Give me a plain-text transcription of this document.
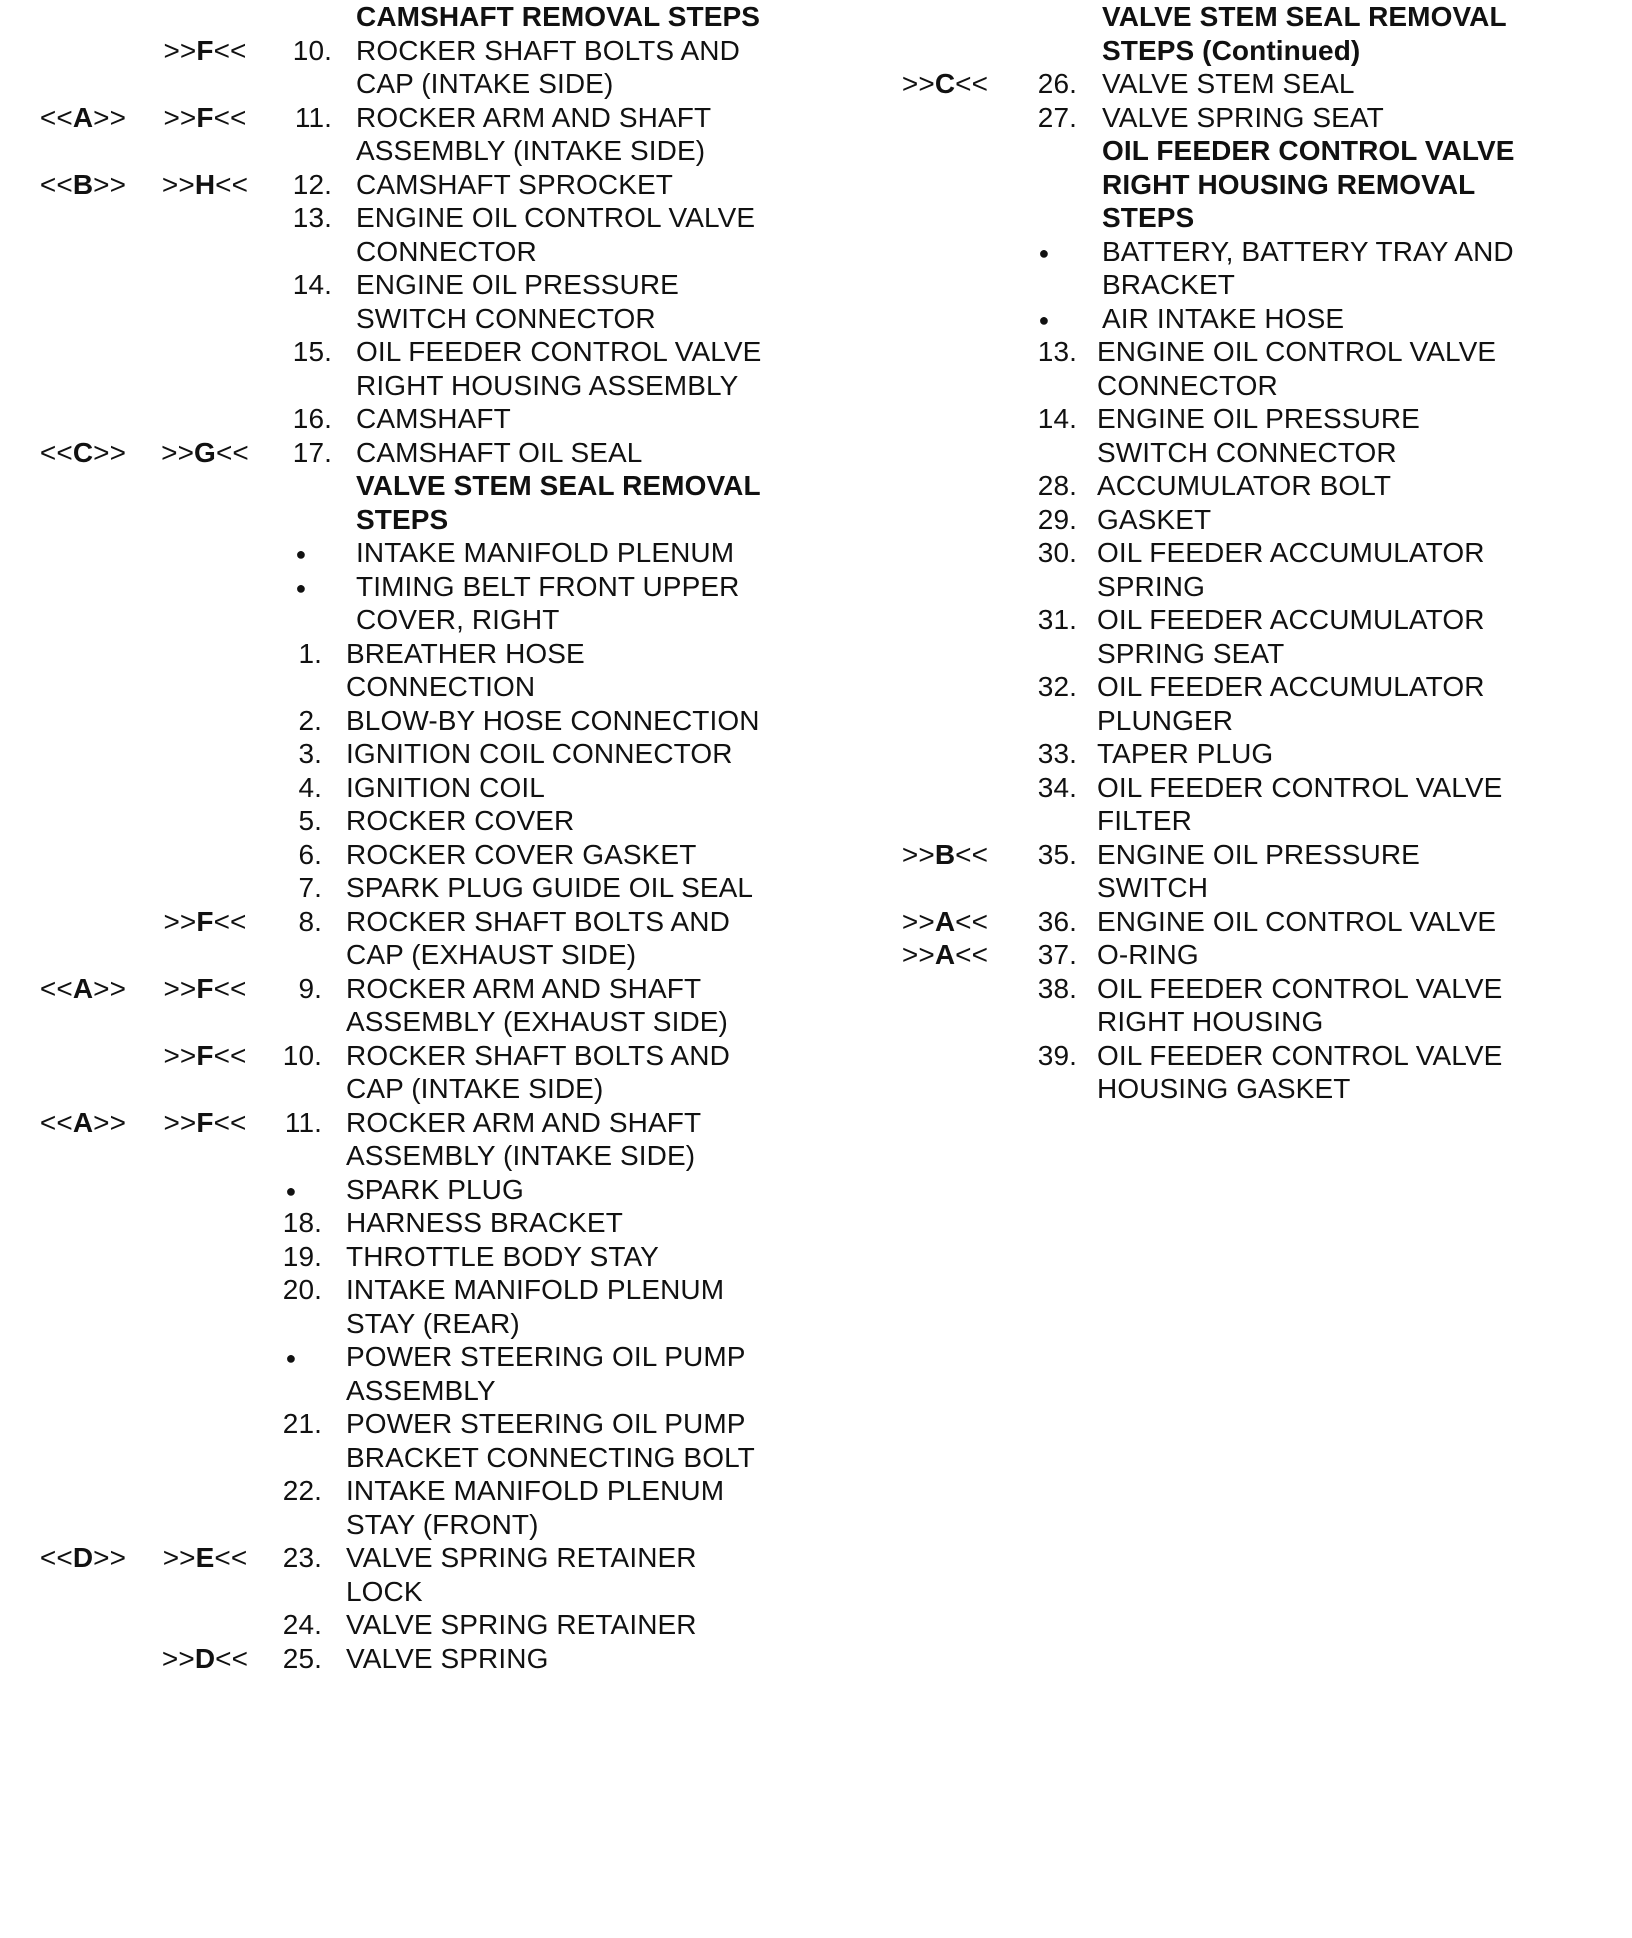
CAMSHAFT REMOVAL STEPS
>>F<<	10. ROCKER SHAFT BOLTS AND
CAP (INTAKE SIDE)
<<A>>	>>F<<	11. ROCKER ARM AND SHAFT
ASSEMBLY (INTAKE SIDE)
<<B>>	>>H<<	12. CAMSHAFT SPROCKET
13. ENGINE OIL CONTROL VALVE
CONNECTOR
14. ENGINE OIL PRESSURE
SWITCH CONNECTOR
15. OIL FEEDER CONTROL VALVE
RIGHT HOUSING ASSEMBLY
16. CAMSHAFT
<<C>>	>>G<<	17. CAMSHAFT OIL SEAL
VALVE STEM SEAL REMOVAL
STEPS
●	INTAKE MANIFOLD PLENUM
●	TIMING BELT FRONT UPPER
COVER, RIGHT
1. BREATHER HOSE
CONNECTION
2. BLOW-BY HOSE CONNECTION
3. IGNITION COIL CONNECTOR
4. IGNITION COIL
5. ROCKER COVER
6. ROCKER COVER GASKET
7. SPARK PLUG GUIDE OIL SEAL
>>F<<	8. ROCKER SHAFT BOLTS AND
CAP (EXHAUST SIDE)
<<A>>	>>F<<	9. ROCKER ARM AND SHAFT
ASSEMBLY (EXHAUST SIDE)
>>F<<	10. ROCKER SHAFT BOLTS AND
CAP (INTAKE SIDE)
<<A>>	>>F<<	11. ROCKER ARM AND SHAFT
ASSEMBLY (INTAKE SIDE)
●	SPARK PLUG
18. HARNESS BRACKET
19. THROTTLE BODY STAY
20. INTAKE MANIFOLD PLENUM
STAY (REAR)
●	POWER STEERING OIL PUMP
ASSEMBLY
21. POWER STEERING OIL PUMP
BRACKET CONNECTING BOLT
22. INTAKE MANIFOLD PLENUM
STAY (FRONT)
<<D>>	>>E<<	23. VALVE SPRING RETAINER
LOCK
24. VALVE SPRING RETAINER
>>D<<	25. VALVE SPRING
VALVE STEM SEAL REMOVAL
STEPS (Continued)
>>C<<	26. VALVE STEM SEAL
27. VALVE SPRING SEAT
OIL FEEDER CONTROL VALVE
RIGHT HOUSING REMOVAL
STEPS
●	BATTERY, BATTERY TRAY AND
BRACKET
●	AIR INTAKE HOSE
13. ENGINE OIL CONTROL VALVE
CONNECTOR
14. ENGINE OIL PRESSURE
SWITCH CONNECTOR
28. ACCUMULATOR BOLT
29. GASKET
30. OIL FEEDER ACCUMULATOR
SPRING
31. OIL FEEDER ACCUMULATOR
SPRING SEAT
32. OIL FEEDER ACCUMULATOR
PLUNGER
33. TAPER PLUG
34. OIL FEEDER CONTROL VALVE
FILTER
>>B<<	35. ENGINE OIL PRESSURE
SWITCH
>>A<<	36. ENGINE OIL CONTROL VALVE
>>A<<	37. O-RING
38. OIL FEEDER CONTROL VALVE
RIGHT HOUSING
39. OIL FEEDER CONTROL VALVE
HOUSING GASKET
